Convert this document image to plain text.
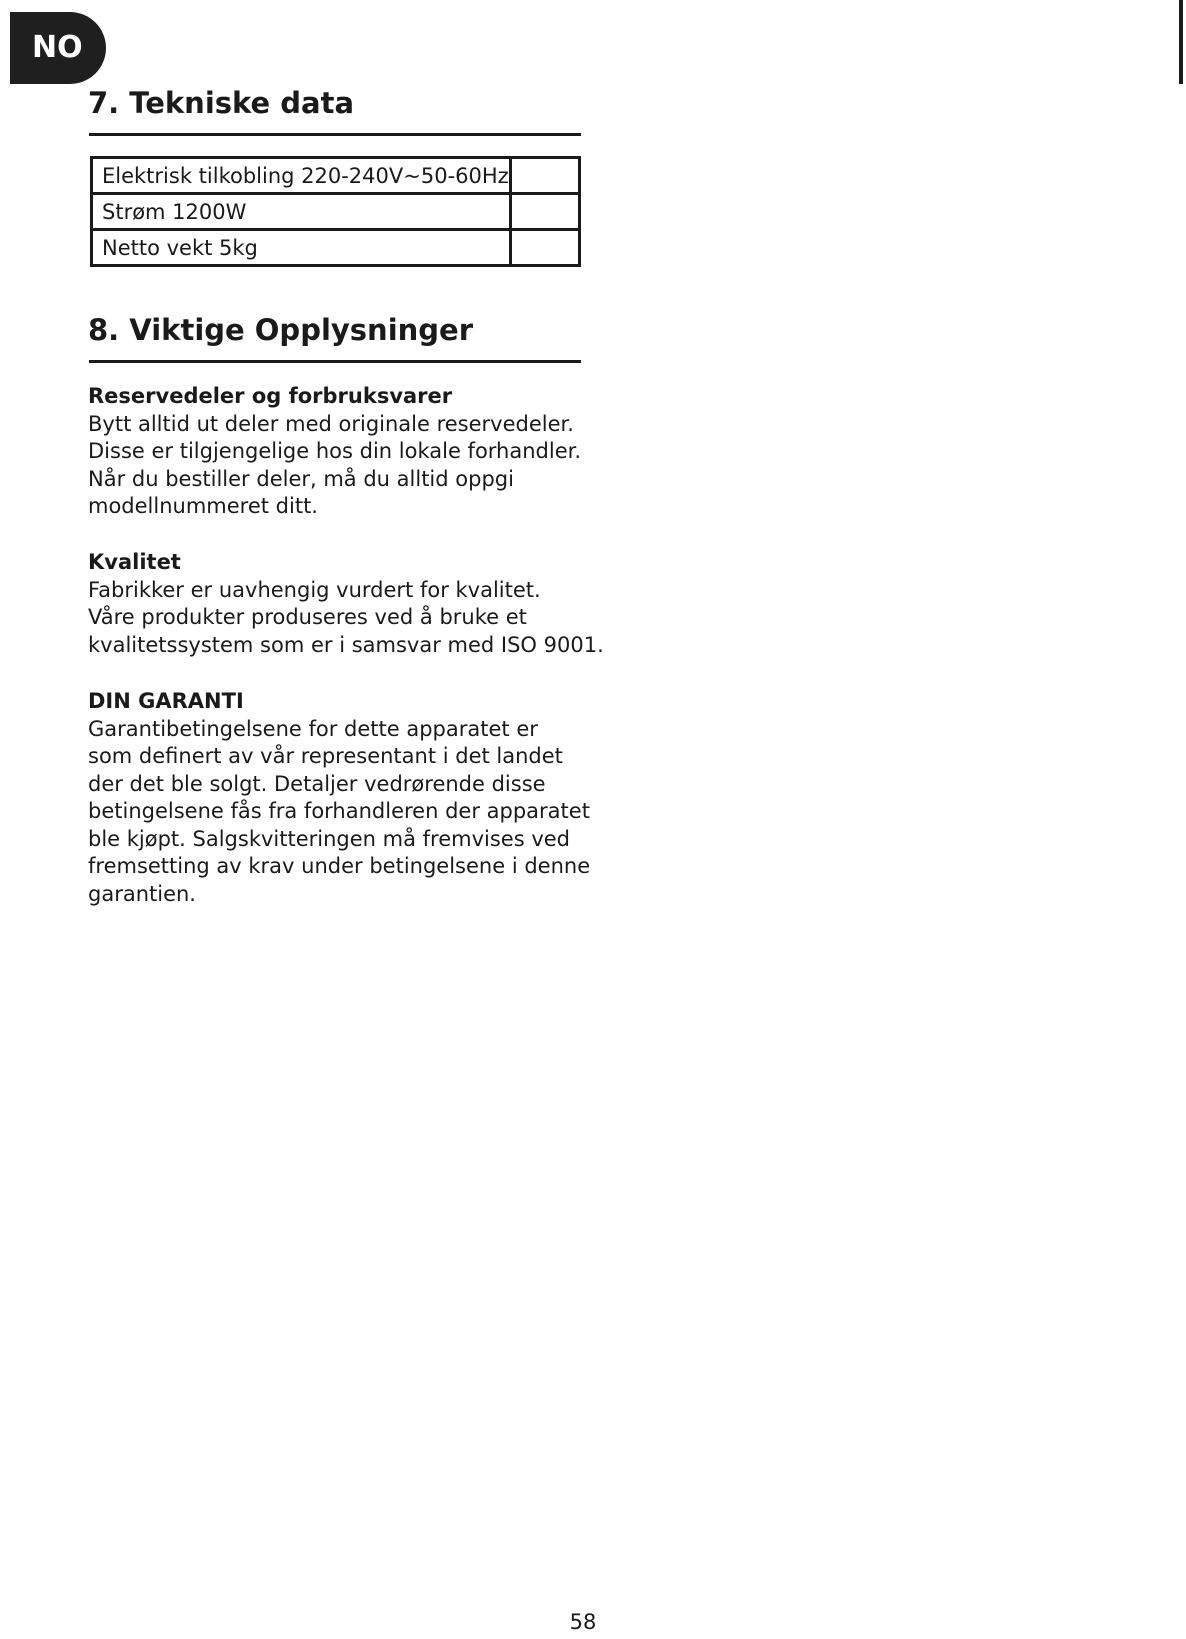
NO
7. Tekniske data
Elektrisk tilkobling 220-240V~50-60Hz	
Strøm 1200W	
Netto vekt 5kg	
8. Viktige Opplysninger
Reservedeler og forbruksvarer
Bytt alltid ut deler med originale reservedeler.
Disse er tilgjengelige hos din lokale forhandler.
Når du bestiller deler, må du alltid oppgi
modellnummeret ditt.
Kvalitet
Fabrikker er uavhengig vurdert for kvalitet.
Våre produkter produseres ved å bruke et
kvalitetssystem som er i samsvar med ISO 9001.
DIN GARANTI
Garantibetingelsene for dette apparatet er
som definert av vår representant i det landet
der det ble solgt. Detaljer vedrørende disse
betingelsene fås fra forhandleren der apparatet
ble kjøpt. Salgskvitteringen må fremvises ved
fremsetting av krav under betingelsene i denne
garantien.
58
